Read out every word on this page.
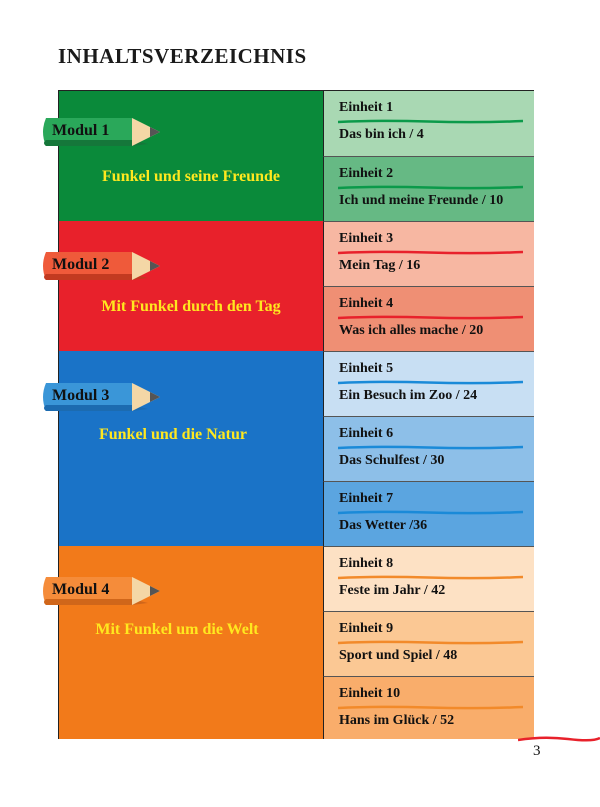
INHALTSVERZEICHNIS
Funkel und seine Freunde
Einheit 1
Das bin ich / 4
Einheit 2
Ich und meine Freunde / 10
Mit Funkel durch den Tag
Einheit 3
Mein Tag / 16
Einheit 4
Was ich alles mache / 20
Funkel und die Natur
Einheit 5
Ein Besuch im Zoo / 24
Einheit 6
Das Schulfest / 30
Einheit 7
Das Wetter /36
Mit Funkel um die Welt
Einheit 8
Feste im Jahr / 42
Einheit 9
Sport und Spiel / 48
Einheit 10
Hans im Glück / 52
Modul 1
Modul 2
Modul 3
Modul 4
3
